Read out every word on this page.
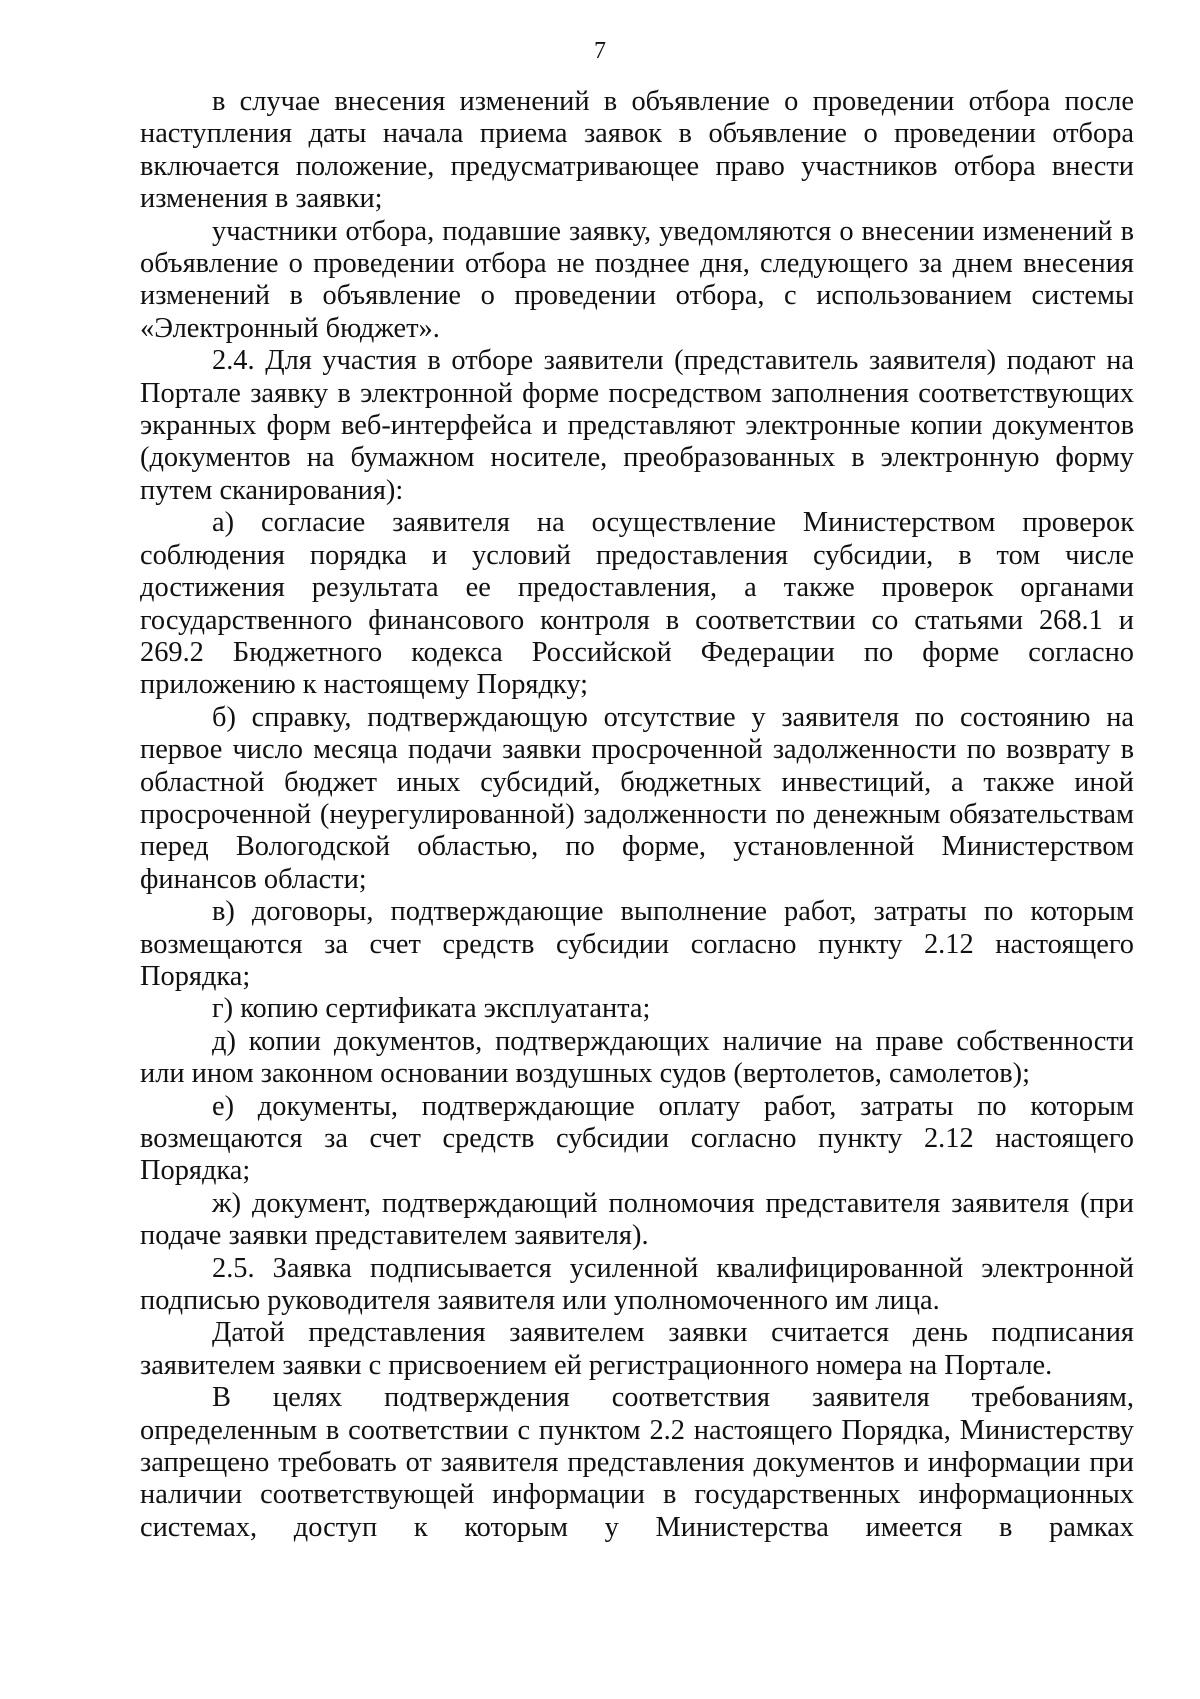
7

в случае внесения изменений в объявление о проведении отбора после наступления даты начала приема заявок в объявление о проведении отбора включается положение, предусматривающее право участников отбора внести изменения в заявки;

участники отбора, подавшие заявку, уведомляются о внесении изменений в объявление о проведении отбора не позднее дня, следующего за днем внесения изменений в объявление о проведении отбора, с использованием системы «Электронный бюджет».

2.4. Для участия в отборе заявители (представитель заявителя) подают на Портале заявку в электронной форме посредством заполнения соответствующих экранных форм веб-интерфейса и представляют электронные копии документов (документов на бумажном носителе, преобразованных в электронную форму путем сканирования):

а) согласие заявителя на осуществление Министерством проверок соблюдения порядка и условий предоставления субсидии, в том числе достижения результата ее предоставления, а также проверок органами государственного финансового контроля в соответствии со статьями 268.1 и 269.2 Бюджетного кодекса Российской Федерации по форме согласно приложению к настоящему Порядку;

б) справку, подтверждающую отсутствие у заявителя по состоянию на первое число месяца подачи заявки просроченной задолженности по возврату в областной бюджет иных субсидий, бюджетных инвестиций, а также иной просроченной (неурегулированной) задолженности по денежным обязательствам перед Вологодской областью, по форме, установленной Министерством финансов области;

в) договоры, подтверждающие выполнение работ, затраты по которым возмещаются за счет средств субсидии согласно пункту 2.12 настоящего Порядка;

г) копию сертификата эксплуатанта;

д) копии документов, подтверждающих наличие на праве собственности или ином законном основании воздушных судов (вертолетов, самолетов);

е) документы, подтверждающие оплату работ, затраты по которым возмещаются за счет средств субсидии согласно пункту 2.12 настоящего Порядка;

ж) документ, подтверждающий полномочия представителя заявителя (при подаче заявки представителем заявителя).

2.5. Заявка подписывается усиленной квалифицированной электронной подписью руководителя заявителя или уполномоченного им лица.

Датой представления заявителем заявки считается день подписания заявителем заявки с присвоением ей регистрационного номера на Портале.

В целях подтверждения соответствия заявителя требованиям, определенным в соответствии с пунктом 2.2 настоящего Порядка, Министерству запрещено требовать от заявителя представления документов и информации при наличии соответствующей информации в государственных информационных системах, доступ к которым у Министерства имеется в рамках
